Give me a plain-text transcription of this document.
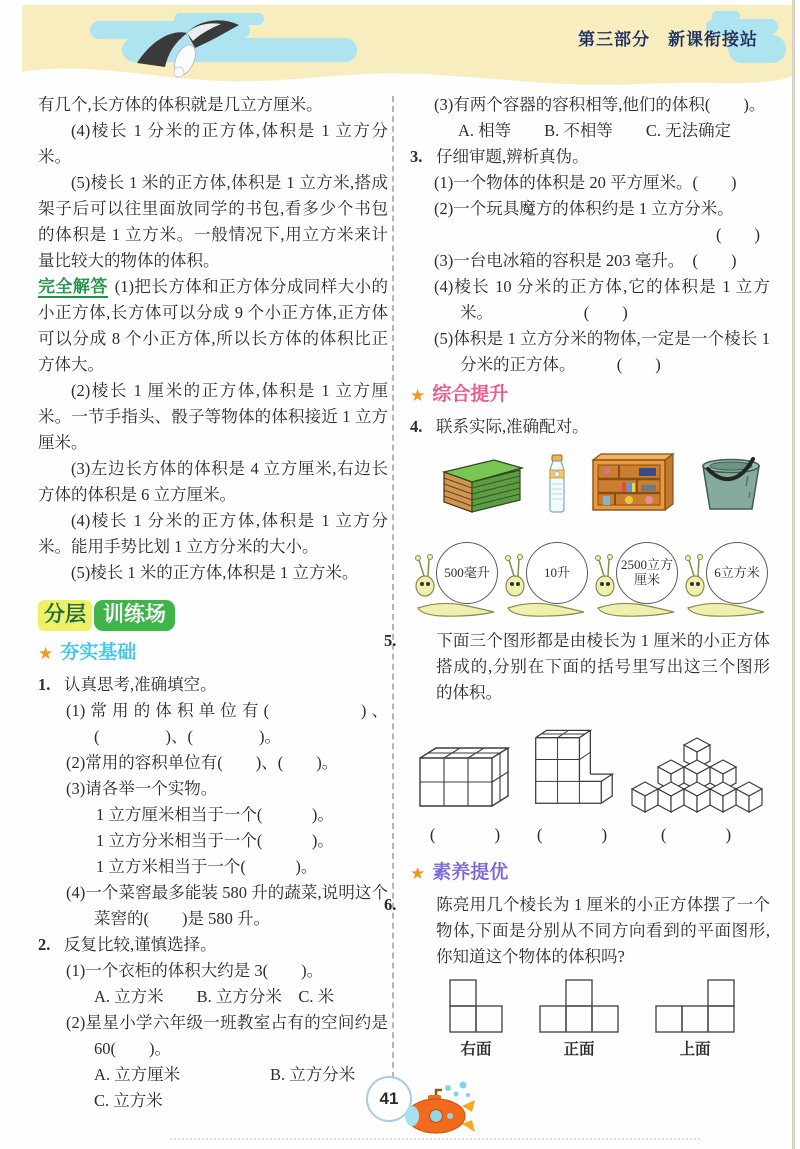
第三部分　新课衔接站

有几个,长方体的体积就是几立方厘米。

(4)棱长 1 分米的正方体,体积是 1 立方分米。

(5)棱长 1 米的正方体,体积是 1 立方米,搭成架子后可以往里面放同学的书包,看多少个书包的体积是 1 立方米。一般情况下,用立方米来计量比较大的物体的体积。

完全解答 (1)把长方体和正方体分成同样大小的小正方体,长方体可以分成 9 个小正方体,正方体可以分成 8 个小正方体,所以长方体的体积比正方体大。

(2)棱长 1 厘米的正方体,体积是 1 立方厘米。一节手指头、骰子等物体的体积接近 1 立方厘米。

(3)左边长方体的体积是 4 立方厘米,右边长方体的体积是 6 立方厘米。

(4)棱长 1 分米的正方体,体积是 1 立方分米。能用手势比划 1 立方分米的大小。

(5)棱长 1 米的正方体,体积是 1 立方米。

分层 训练场
★ 夯实基础
1. 认真思考,准确填空。
(1)常用的体积单位有(　　　　)、(　　　　)、(　　　　)。
(2)常用的容积单位有(　　)、(　　)。
(3)请各举一个实物。
1 立方厘米相当于一个(　　　)。
1 立方分米相当于一个(　　　)。
1 立方米相当于一个(　　　)。
(4)一个菜窖最多能装 580 升的蔬菜,说明这个菜窖的(　　)是 580 升。
2. 反复比较,谨慎选择。
(1)一个衣柜的体积大约是 3(　　)。
A. 立方米　　B. 立方分米　C. 米
(2)星星小学六年级一班教室占有的空间约是 60(　　)。
A. 立方厘米	B. 立方分米
C. 立方米
(3)有两个容器的容积相等,他们的体积(　　)。
A. 相等　　B. 不相等　　C. 无法确定
3. 仔细审题,辨析真伪。
(1)一个物体的体积是 20 平方厘米。(　　)
(2)一个玩具魔方的体积约是 1 立方分米。
(　　)
(3)一台电冰箱的容积是 203 毫升。　(　　)
(4)棱长 10 分米的正方体,它的体积是 1 立方米。　　　　　　(　　)
(5)体积是 1 立方分米的物体,一定是一个棱长 1 分米的正方体。　　　(　　)
★ 综合提升
4. 联系实际,准确配对。
500毫升	10升	2500立方厘米	6立方米
5. 下面三个图形都是由棱长为 1 厘米的小正方体搭成的,分别在下面的括号里写出这三个图形的体积。
(　　　) (　　　)	(　　　)
★ 素养提优
6. 陈亮用几个棱长为 1 厘米的小正方体摆了一个物体,下面是分别从不同方向看到的平面图形,你知道这个物体的体积吗?
右面	正面	上面
41
